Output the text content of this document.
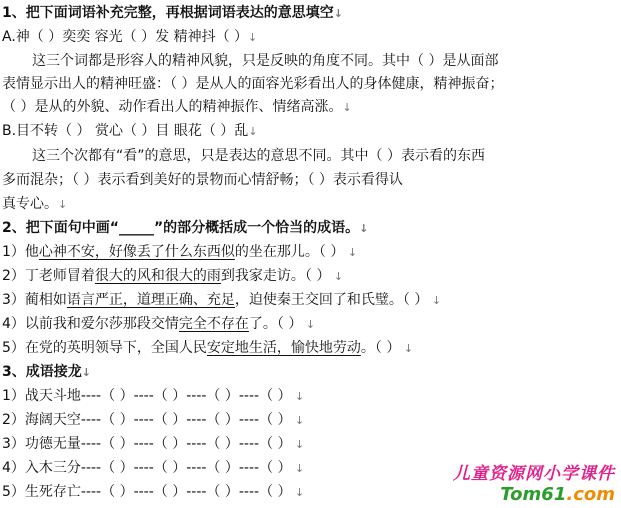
1、把下面词语补充完整，再根据词语表达的意思填空↓
A.神（ ）奕奕 容光（ ）发 精神抖（ ）↓
这三个词都是形容人的精神风貌，只是反映的角度不同。其中（ ）是从面部
表情显示出人的精神旺盛：（ ）是从人的面容光彩看出人的身体健康，精神振奋；
（ ）是从的外貌、动作看出人的精神振作、情绪高涨。↓
B.目不转（ ） 赏心（ ）目 眼花（ ）乱↓
这三个次都有“看”的意思，只是表达的意思不同。其中（ ）表示看的东西
多而混杂；（ ）表示看到美好的景物而心情舒畅；（ ）表示看得认
真专心。↓
2、把下面句中画“_____”的部分概括成一个恰当的成语。↓
1）他心神不安，好像丢了什么东西似的坐在那儿。（ ） ↓
2）丁老师冒着很大的风和很大的雨到我家走访。（ ） ↓
3）蔺相如语言严正，道理正确、充足，迫使秦王交回了和氏璧。（ ） ↓
4）以前我和爱尔莎那段交情完全不存在了。（ ） ↓
5）在党的英明领导下，全国人民安定地生活，愉快地劳动。（ ） ↓
3、成语接龙↓
1）战天斗地----（ ）----（ ）----（ ）----（ ） ↓
2）海阔天空----（ ）----（ ）----（ ）----（ ） ↓
3）功德无量----（ ）----（ ）----（ ）----（ ） ↓
4）入木三分----（ ）----（ ）----（ ）----（ ） ↓
5）生死存亡----（ ）----（ ）----（ ）----（ ） ↓
儿童资源网小学课件
Tom61.com
